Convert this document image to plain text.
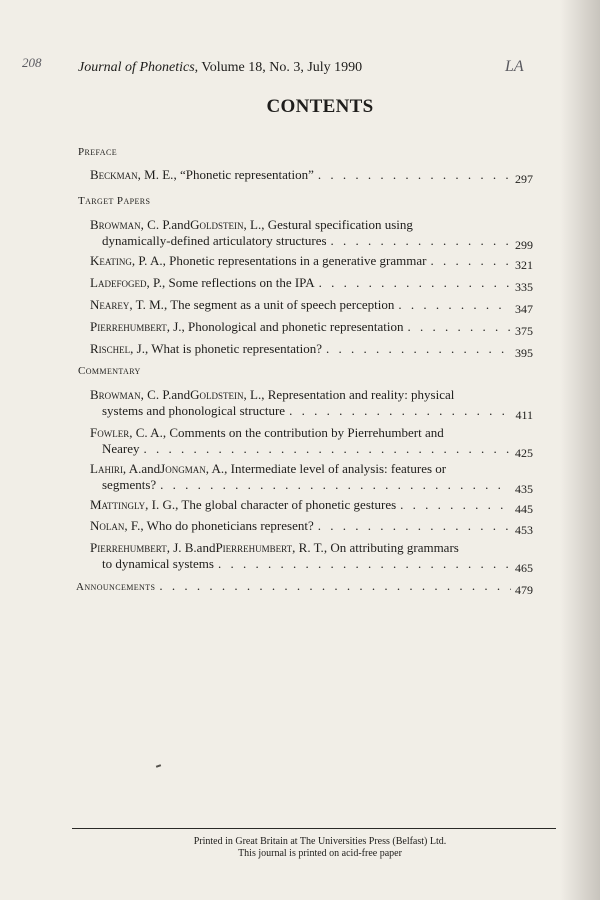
208	LA
Journal of Phonetics, Volume 18, No. 3, July 1990
CONTENTS
Preface
Beckman, M. E. , “Phonetic representation” . . .	297
Target Papers
Browman, C. P. and Goldstein, L. , Gestural specification using
dynamically-defined articulatory structures . . .	299
Keating, P. A. , Phonetic representations in a generative grammar . . .	321
Ladefoged, P. , Some reflections on the IPA . . .	335
Nearey, T. M. , The segment as a unit of speech perception . . .	347
Pierrehumbert, J. , Phonological and phonetic representation . . .	375
Rischel, J. , What is phonetic representation? . . .	395
Commentary
Browman, C. P. and Goldstein, L. , Representation and reality: physical
systems and phonological structure . . .	411
Fowler, C. A. , Comments on the contribution by Pierrehumbert and
Nearey . . .	425
Lahiri, A. and Jongman, A. , Intermediate level of analysis: features or
segments? . . .	435
Mattingly, I. G. , The global character of phonetic gestures . . .	445
Nolan, F. , Who do phoneticians represent? . . .	453
Pierrehumbert, J. B. and Pierrehumbert, R. T. , On attributing grammars
to dynamical systems . . .	465
Announcements . . .	479
Printed in Great Britain at The Universities Press (Belfast) Ltd.
This journal is printed on acid-free paper
